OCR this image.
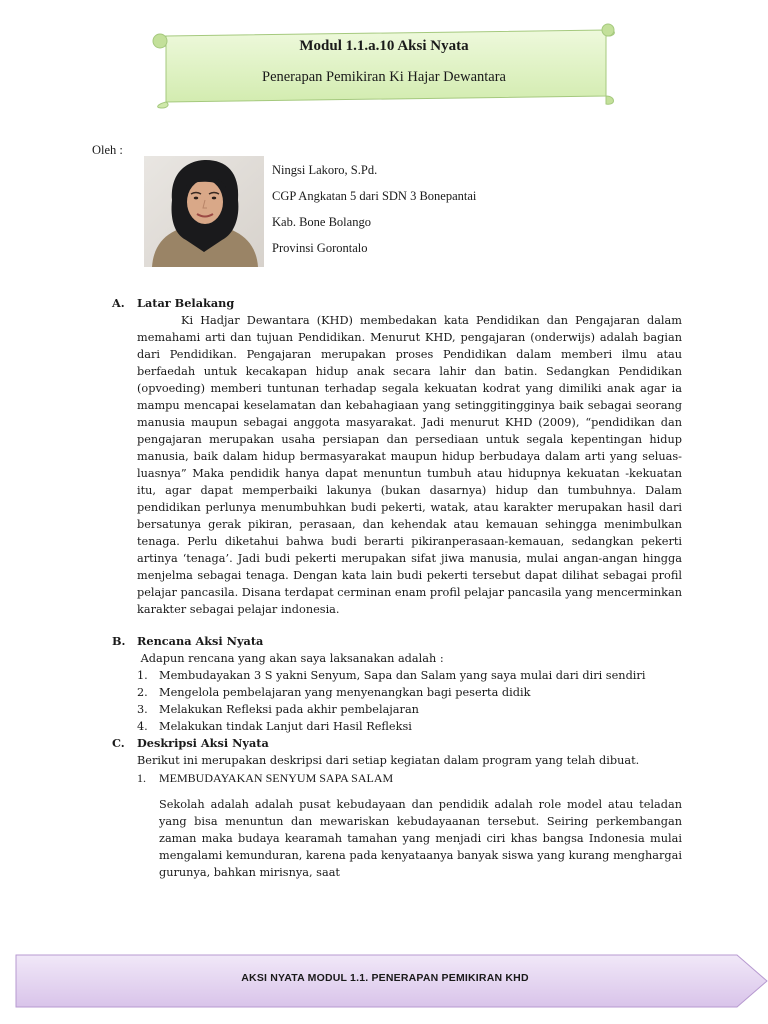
Modul 1.1.a.10 Aksi Nyata
Penerapan Pemikiran Ki Hajar Dewantara
Oleh :
Ningsi Lakoro, S.Pd.
CGP Angkatan 5 dari SDN 3 Bonepantai
Kab. Bone Bolango
Provinsi Gorontalo
A.	Latar Belakang
Ki Hadjar Dewantara (KHD) membedakan kata Pendidikan dan Pengajaran dalam memahami arti dan tujuan Pendidikan. Menurut KHD, pengajaran (onderwijs) adalah bagian dari Pendidikan. Pengajaran merupakan proses Pendidikan dalam memberi ilmu atau berfaedah untuk kecakapan hidup anak secara lahir dan batin. Sedangkan Pendidikan (opvoeding) memberi tuntunan terhadap segala kekuatan kodrat yang dimiliki anak agar ia mampu mencapai keselamatan dan kebahagiaan yang setinggitingginya baik sebagai seorang manusia maupun sebagai anggota masyarakat. Jadi menurut KHD (2009), “pendidikan dan pengajaran merupakan usaha persiapan dan persediaan untuk segala kepentingan hidup manusia, baik dalam hidup bermasyarakat maupun hidup berbudaya dalam arti yang seluas-luasnya” Maka pendidik hanya dapat menuntun tumbuh atau hidupnya kekuatan -kekuatan itu, agar dapat memperbaiki lakunya (bukan dasarnya) hidup dan tumbuhnya. Dalam pendidikan perlunya menumbuhkan budi pekerti, watak, atau karakter merupakan hasil dari bersatunya gerak pikiran, perasaan, dan kehendak atau kemauan sehingga menimbulkan tenaga. Perlu diketahui bahwa budi berarti pikiranperasaan-kemauan, sedangkan pekerti artinya ‘tenaga’. Jadi budi pekerti merupakan sifat jiwa manusia, mulai angan-angan hingga menjelma sebagai tenaga. Dengan kata lain budi pekerti tersebut dapat dilihat sebagai profil pelajar pancasila. Disana terdapat cerminan enam profil pelajar pancasila yang mencerminkan karakter sebagai pelajar indonesia.
B.	Rencana Aksi Nyata
Adapun rencana yang akan saya laksanakan adalah :
1. Membudayakan 3 S yakni Senyum, Sapa dan Salam yang saya mulai dari diri sendiri
2. Mengelola pembelajaran yang menyenangkan bagi peserta didik
3. Melakukan Refleksi pada akhir pembelajaran
4. Melakukan tindak Lanjut dari Hasil Refleksi
C.	Deskripsi Aksi Nyata
Berikut ini merupakan deskripsi dari setiap kegiatan dalam program yang telah dibuat.
1.	MEMBUDAYAKAN SENYUM SAPA SALAM
Sekolah adalah adalah pusat kebudayaan dan pendidik adalah role model atau teladan yang bisa menuntun dan mewariskan kebudayaanan tersebut. Seiring perkembangan zaman maka budaya kearamah tamahan yang menjadi ciri khas bangsa Indonesia mulai mengalami kemunduran, karena pada kenyataanya banyak siswa yang kurang menghargai gurunya, bahkan mirisnya, saat
AKSI NYATA MODUL 1.1. PENERAPAN PEMIKIRAN KHD
